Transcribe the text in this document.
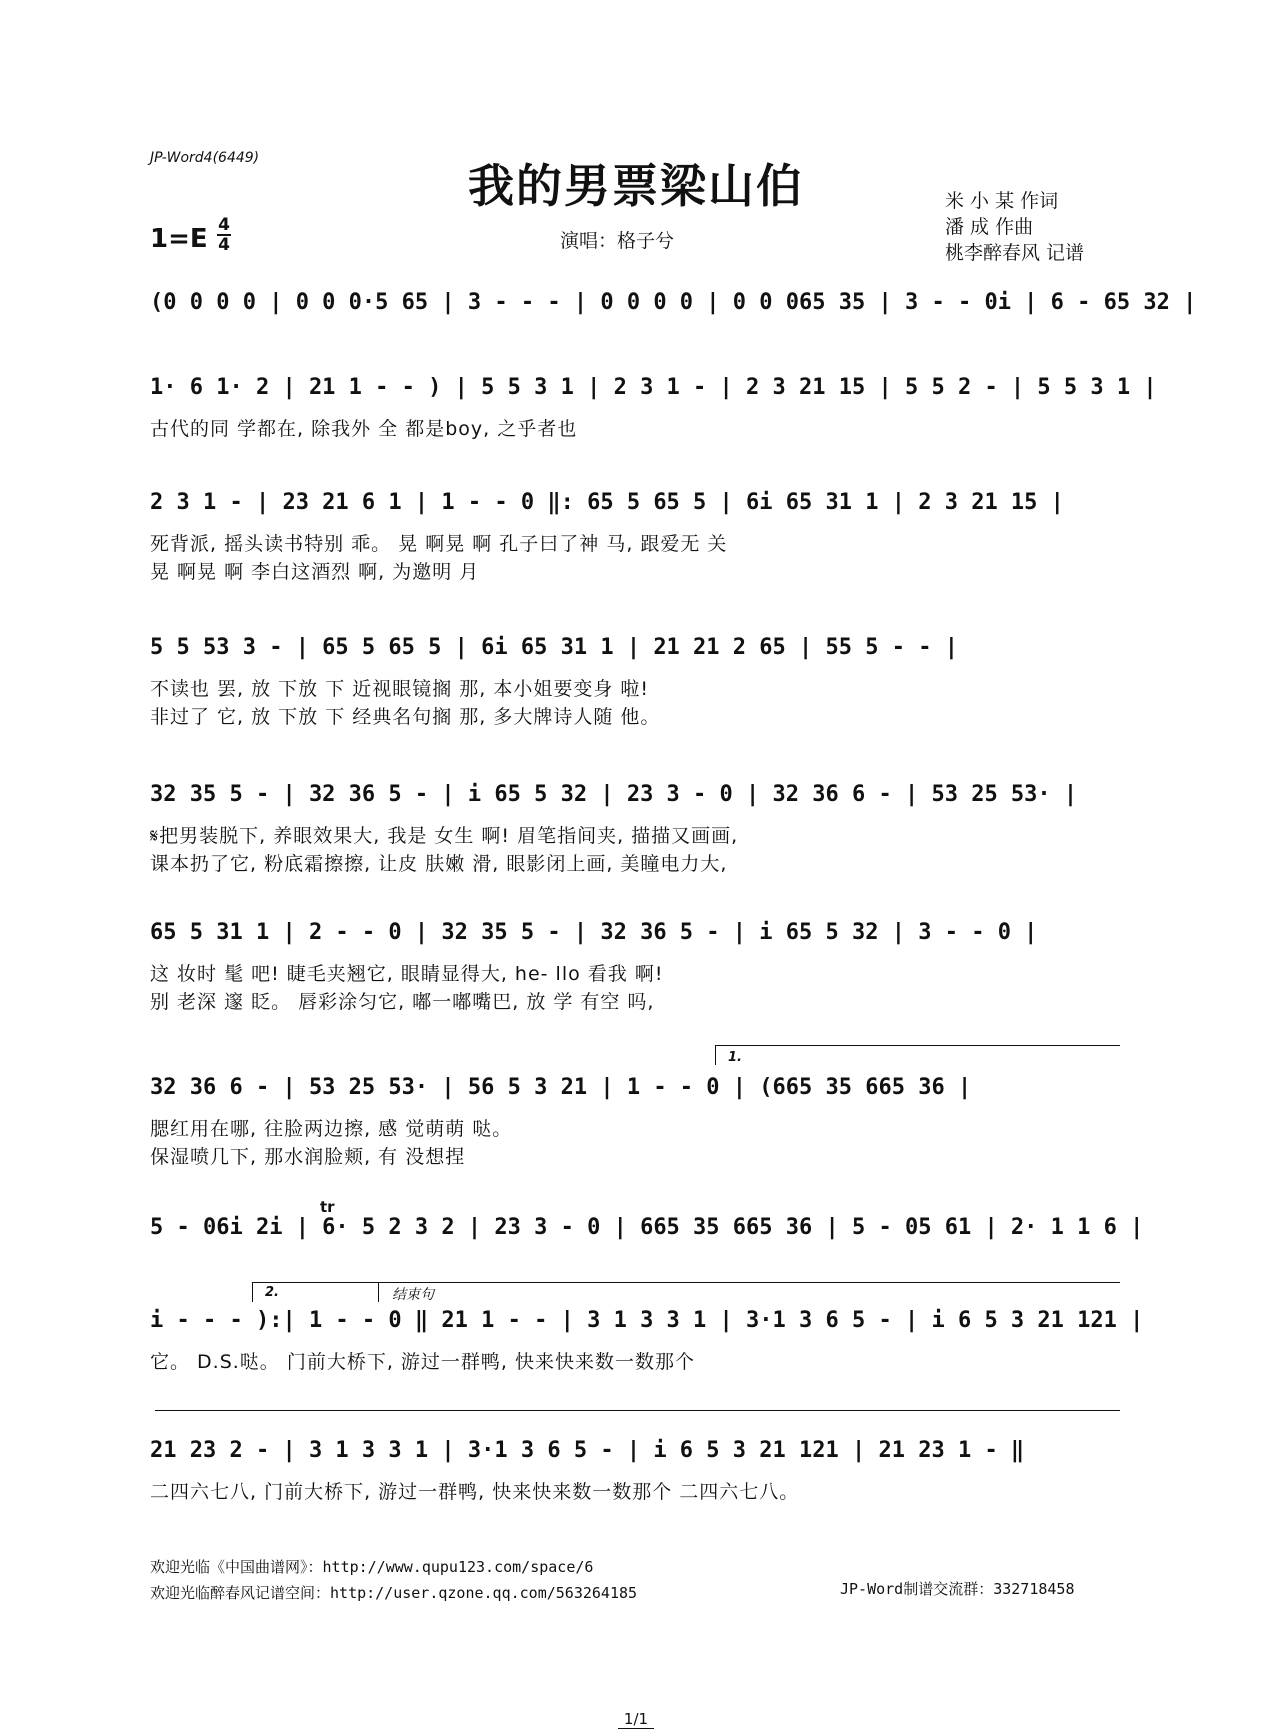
JP-Word4(6449)
我的男票梁山伯
1=E 4
4	演唱：格子兮
米 小 某 作词
潘 成 作曲
桃李醉春风 记谱
(0 0 0 0 | 0 0 0·5 65 | 3 - - - | 0 0 0 0 | 0 0 065 35 | 3 - - 0i | 6 - 65 32 |
1· 6 1· 2 | 21 1 - - ) | 5 5 3 1 | 2 3 1 - | 2 3 21 15 | 5 5 2 - | 5 5 3 1 |
古代的同 学都在, 除我外 全 都是boy, 之乎者也
2 3 1 - | 23 21 6 1 | 1 - - 0 ‖: 65 5 65 5 | 6i 65 31 1 | 2 3 21 15 |
死背派, 摇头读书特别 乖。 晃 啊晃 啊 孔子曰了神 马, 跟爱无 关
晃 啊晃 啊 李白这酒烈 啊, 为邀明 月
5 5 53 3 - | 65 5 65 5 | 6i 65 31 1 | 21 21 2 65 | 55 5 - - |
不读也 罢, 放 下放 下 近视眼镜搁 那, 本小姐要变身 啦!
非过了 它, 放 下放 下 经典名句搁 那, 多大牌诗人随 他。
32 35 5 - | 32 36 5 - | i 65 5 32 | 23 3 - 0 | 32 36 6 - | 53 25 53· |
𝄋把男装脱下, 养眼效果大, 我是 女生 啊! 眉笔指间夹, 描描又画画,
课本扔了它, 粉底霜擦擦, 让皮 肤嫩 滑, 眼影闭上画, 美瞳电力大,
65 5 31 1 | 2 - - 0 | 32 35 5 - | 32 36 5 - | i 65 5 32 | 3 - - 0 |
这 妆时 髦 吧! 睫毛夹翘它, 眼睛显得大, he- llo 看我 啊!
别 老深 邃 眨。 唇彩涂匀它, 嘟一嘟嘴巴, 放 学 有空 吗,
1.
32 36 6 - | 53 25 53· | 56 5 3 21 | 1 - - 0 | (665 35 665 36 |
腮红用在哪, 往脸两边擦, 感 觉萌萌 哒。
保湿喷几下, 那水润脸颊, 有 没想捏
tr
5 - 06i 2i | 6· 5 2 3 2 | 23 3 - 0 | 665 35 665 36 | 5 - 05 61 | 2· 1 1 6 |
2.	结束句
i - - - ):| 1 - - 0 ‖ 21 1 - - | 3 1 3 3 1 | 3·1 3 6 5 - | i 6 5 3 21 121 |
它。 D.S.哒。 门前大桥下, 游过一群鸭, 快来快来数一数那个
21 23 2 - | 3 1 3 3 1 | 3·1 3 6 5 - | i 6 5 3 21 121 | 21 23 1 - ‖
二四六七八, 门前大桥下, 游过一群鸭, 快来快来数一数那个 二四六七八。
欢迎光临《中国曲谱网》：http://www.qupu123.com/space/6
欢迎光临醉春风记谱空间：http://user.qzone.qq.com/563264185	JP-Word制谱交流群：332718458
1/1
